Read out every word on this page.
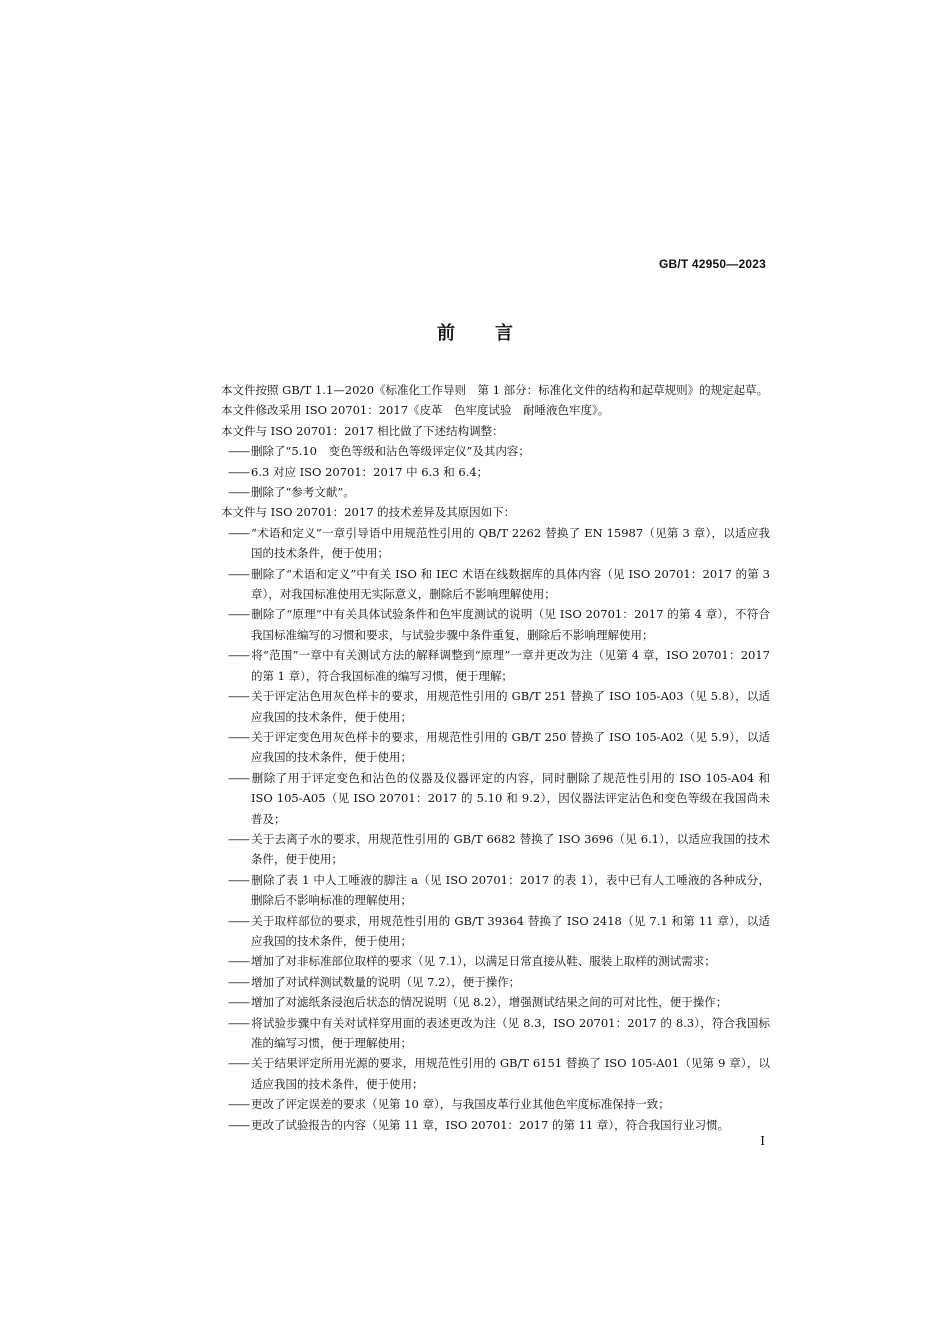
GB/T 42950—2023
前言

本文件按照 GB/T 1.1—2020《标准化工作导则　第 1 部分：标准化文件的结构和起草规则》的规定起草。

本文件修改采用 ISO 20701：2017《皮革　色牢度试验　耐唾液色牢度》。

本文件与 ISO 20701：2017 相比做了下述结构调整：

—— 删除了“5.10　变色等级和沾色等级评定仪”及其内容；

—— 6.3 对应 ISO 20701：2017 中 6.3 和 6.4；

—— 删除了“参考文献”。

本文件与 ISO 20701：2017 的技术差异及其原因如下：

—— “术语和定义”一章引导语中用规范性引用的 QB/T 2262 替换了 EN 15987（见第 3 章），以适应我国的技术条件，便于使用；

—— 删除了“术语和定义”中有关 ISO 和 IEC 术语在线数据库的具体内容（见 ISO 20701：2017 的第 3 章），对我国标准使用无实际意义，删除后不影响理解使用；

—— 删除了“原理”中有关具体试验条件和色牢度测试的说明（见 ISO 20701：2017 的第 4 章），不符合我国标准编写的习惯和要求，与试验步骤中条件重复，删除后不影响理解使用；

—— 将“范围”一章中有关测试方法的解释调整到“原理”一章并更改为注（见第 4 章，ISO 20701：2017 的第 1 章），符合我国标准的编写习惯，便于理解；

—— 关于评定沾色用灰色样卡的要求，用规范性引用的 GB/T 251 替换了 ISO 105-A03（见 5.8），以适应我国的技术条件，便于使用；

—— 关于评定变色用灰色样卡的要求，用规范性引用的 GB/T 250 替换了 ISO 105-A02（见 5.9），以适应我国的技术条件，便于使用；

—— 删除了用于评定变色和沾色的仪器及仪器评定的内容，同时删除了规范性引用的 ISO 105-A04 和 ISO 105-A05（见 ISO 20701：2017 的 5.10 和 9.2），因仪器法评定沾色和变色等级在我国尚未普及；

—— 关于去离子水的要求，用规范性引用的 GB/T 6682 替换了 ISO 3696（见 6.1），以适应我国的技术条件，便于使用；

—— 删除了表 1 中人工唾液的脚注 a（见 ISO 20701：2017 的表 1），表中已有人工唾液的各种成分，删除后不影响标准的理解使用；

—— 关于取样部位的要求，用规范性引用的 GB/T 39364 替换了 ISO 2418（见 7.1 和第 11 章），以适应我国的技术条件，便于使用；

—— 增加了对非标准部位取样的要求（见 7.1），以满足日常直接从鞋、服装上取样的测试需求；

—— 增加了对试样测试数量的说明（见 7.2），便于操作；

—— 增加了对滤纸条浸泡后状态的情况说明（见 8.2），增强测试结果之间的可对比性，便于操作；

—— 将试验步骤中有关对试样穿用面的表述更改为注（见 8.3，ISO 20701：2017 的 8.3），符合我国标准的编写习惯，便于理解使用；

—— 关于结果评定所用光源的要求，用规范性引用的 GB/T 6151 替换了 ISO 105-A01（见第 9 章），以适应我国的技术条件，便于使用；

—— 更改了评定误差的要求（见第 10 章），与我国皮革行业其他色牢度标准保持一致；

—— 更改了试验报告的内容（见第 11 章，ISO 20701：2017 的第 11 章），符合我国行业习惯。

I
